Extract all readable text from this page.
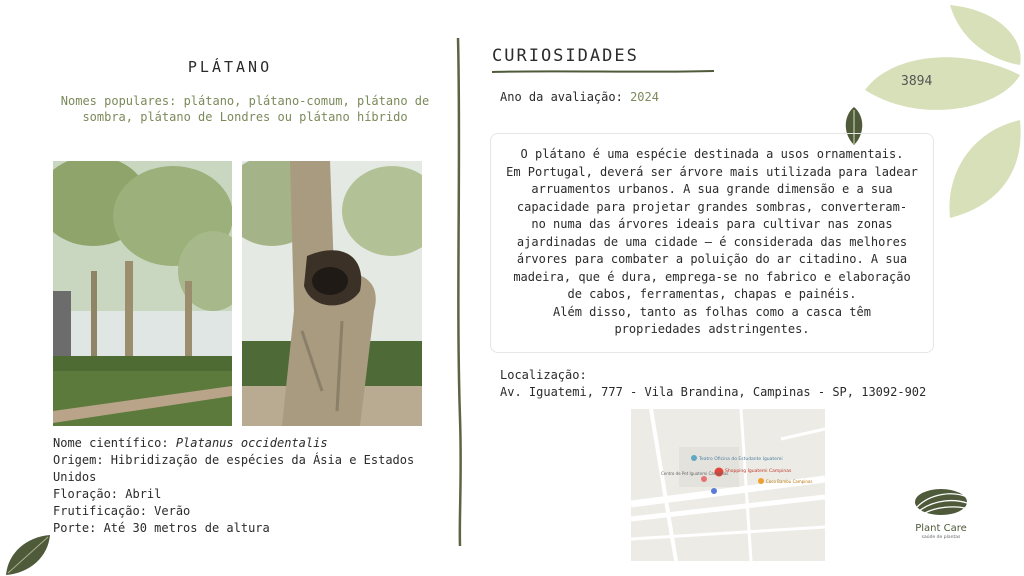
3894
PLÁTANO
Nomes populares: plátano, plátano-comum, plátano de sombra, plátano de Londres ou plátano híbrido
Nome científico: Platanus occidentalis
Origem: Hibridização de espécies da Ásia e Estados Unidos
Floração: Abril
Frutificação: Verão
Porte: Até 30 metros de altura
CURIOSIDADES
Ano da avaliação: 2024
O plátano é uma espécie destinada a usos ornamentais.
Em Portugal, deverá ser árvore mais utilizada para ladear
arruamentos urbanos. A sua grande dimensão e a sua
capacidade para projetar grandes sombras, converteram-
no numa das árvores ideais para cultivar nas zonas
ajardinadas de uma cidade – é considerada das melhores
árvores para combater a poluição do ar citadino. A sua
madeira, que é dura, emprega-se no fabrico e elaboração
de cabos, ferramentas, chapas e painéis.
Além disso, tanto as folhas como a casca têm
propriedades adstringentes.
Localização:
Av. Iguatemi, 777 - Vila Brandina, Campinas - SP, 13092-902
Teatro Oficina do Estudante Iguatemi
Shopping Iguatemi Campinas
Centro de Pet Iguatemi Campinas
Coco Bambu Campinas
Plant Care
saúde de plantas
